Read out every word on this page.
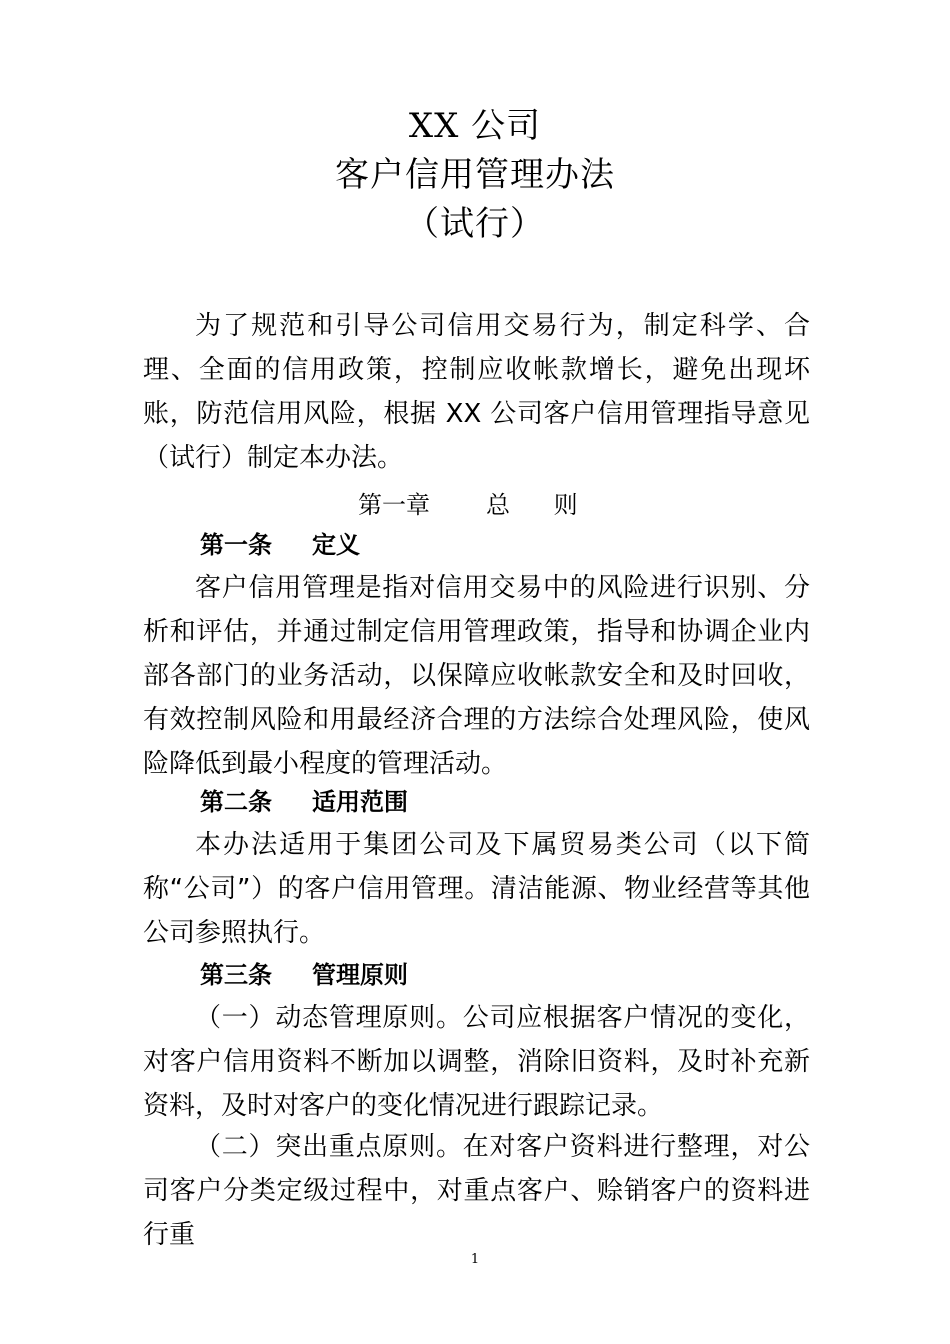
XX 公司
客户信用管理办法
（试行）
为了规范和引导公司信用交易行为，制定科学、合理、全面的信用政策，控制应收帐款增长，避免出现坏账，防范信用风险，根据 XX 公司客户信用管理指导意见（试行）制定本办法。
第一章 总 则
第一条 定义
客户信用管理是指对信用交易中的风险进行识别、分析和评估，并通过制定信用管理政策，指导和协调企业内部各部门的业务活动，以保障应收帐款安全和及时回收，有效控制风险和用最经济合理的方法综合处理风险，使风险降低到最小程度的管理活动。
第二条 适用范围
本办法适用于集团公司及下属贸易类公司（以下简称“公司”）的客户信用管理。清洁能源、物业经营等其他公司参照执行。
第三条 管理原则
（一）动态管理原则。公司应根据客户情况的变化，对客户信用资料不断加以调整，消除旧资料，及时补充新资料，及时对客户的变化情况进行跟踪记录。
（二）突出重点原则。在对客户资料进行整理，对公司客户分类定级过程中，对重点客户、赊销客户的资料进行重
1
